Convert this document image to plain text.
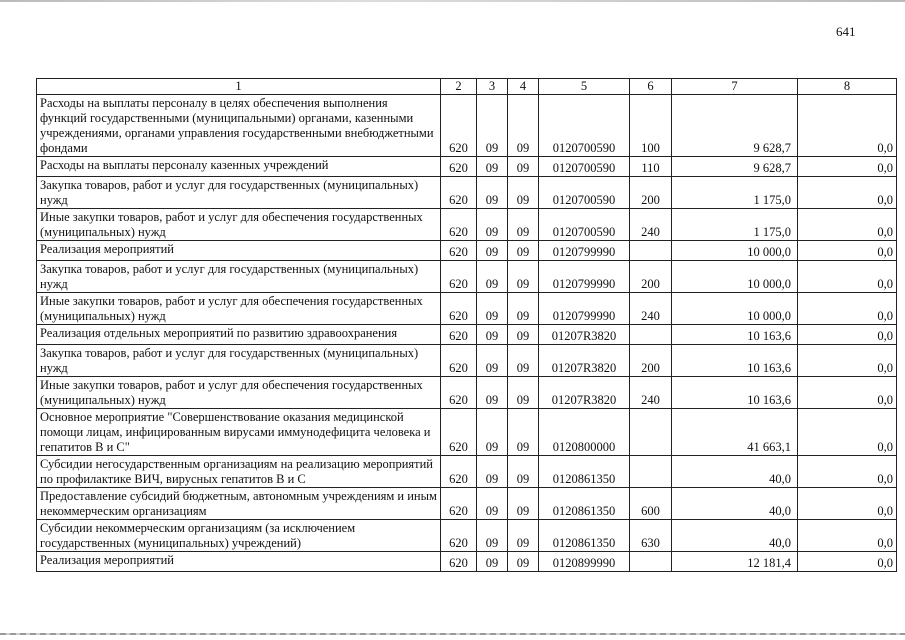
641
1	2	3	4	5	6	7	8
Расходы на выплаты персоналу в целях обеспечения выполнения функций государственными (муниципальными) органами, казенными учреждениями, органами управления государственными внебюджетными фондами	620	09	09	0120700590	100	9 628,7	0,0
Расходы на выплаты персоналу казенных учреждений	620	09	09	0120700590	110	9 628,7	0,0
Закупка товаров, работ и услуг для государственных (муниципальных) нужд	620	09	09	0120700590	200	1 175,0	0,0
Иные закупки товаров, работ и услуг для обеспечения государственных (муниципальных) нужд	620	09	09	0120700590	240	1 175,0	0,0
Реализация мероприятий	620	09	09	0120799990		10 000,0	0,0
Закупка товаров, работ и услуг для государственных (муниципальных) нужд	620	09	09	0120799990	200	10 000,0	0,0
Иные закупки товаров, работ и услуг для обеспечения государственных (муниципальных) нужд	620	09	09	0120799990	240	10 000,0	0,0
Реализация отдельных мероприятий по развитию здравоохранения	620	09	09	01207R3820		10 163,6	0,0
Закупка товаров, работ и услуг для государственных (муниципальных) нужд	620	09	09	01207R3820	200	10 163,6	0,0
Иные закупки товаров, работ и услуг для обеспечения государственных (муниципальных) нужд	620	09	09	01207R3820	240	10 163,6	0,0
Основное мероприятие "Совершенствование оказания медицинской помощи лицам, инфицированным вирусами иммунодефицита человека и гепатитов В и С"	620	09	09	0120800000		41 663,1	0,0
Субсидии негосударственным организациям на реализацию мероприятий по профилактике ВИЧ, вирусных гепатитов В и С	620	09	09	0120861350		40,0	0,0
Предоставление субсидий бюджетным, автономным учреждениям и иным некоммерческим организациям	620	09	09	0120861350	600	40,0	0,0
Субсидии некоммерческим организациям (за исключением государственных (муниципальных) учреждений)	620	09	09	0120861350	630	40,0	0,0
Реализация мероприятий	620	09	09	0120899990		12 181,4	0,0
